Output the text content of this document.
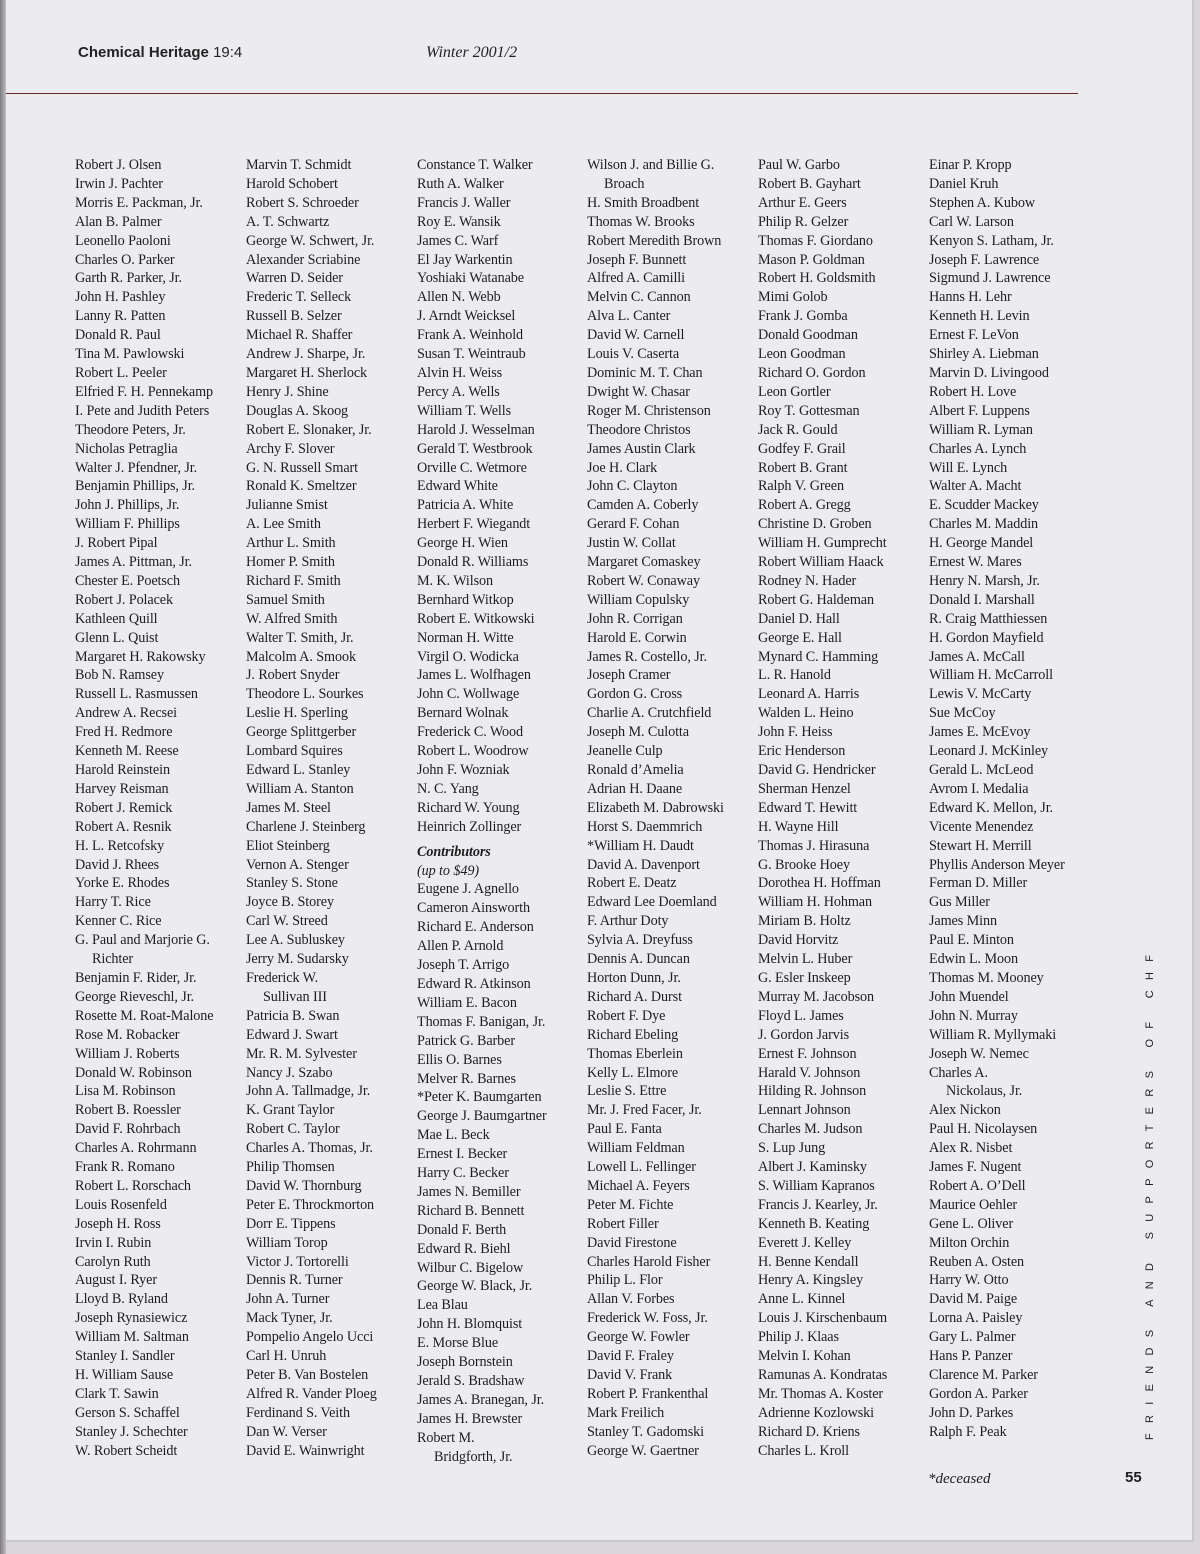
Chemical Heritage 19:4	Winter 2001/2
Robert J. Olsen
Irwin J. Pachter
Morris E. Packman, Jr.
Alan B. Palmer
Leonello Paoloni
Charles O. Parker
Garth R. Parker, Jr.
John H. Pashley
Lanny R. Patten
Donald R. Paul
Tina M. Pawlowski
Robert L. Peeler
Elfried F. H. Pennekamp
I. Pete and Judith Peters
Theodore Peters, Jr.
Nicholas Petraglia
Walter J. Pfendner, Jr.
Benjamin Phillips, Jr.
John J. Phillips, Jr.
William F. Phillips
J. Robert Pipal
James A. Pittman, Jr.
Chester E. Poetsch
Robert J. Polacek
Kathleen Quill
Glenn L. Quist
Margaret H. Rakowsky
Bob N. Ramsey
Russell L. Rasmussen
Andrew A. Recsei
Fred H. Redmore
Kenneth M. Reese
Harold Reinstein
Harvey Reisman
Robert J. Remick
Robert A. Resnik
H. L. Retcofsky
David J. Rhees
Yorke E. Rhodes
Harry T. Rice
Kenner C. Rice
G. Paul and Marjorie G.
Richter
Benjamin F. Rider, Jr.
George Rieveschl, Jr.
Rosette M. Roat-Malone
Rose M. Robacker
William J. Roberts
Donald W. Robinson
Lisa M. Robinson
Robert B. Roessler
David F. Rohrbach
Charles A. Rohrmann
Frank R. Romano
Robert L. Rorschach
Louis Rosenfeld
Joseph H. Ross
Irvin I. Rubin
Carolyn Ruth
August I. Ryer
Lloyd B. Ryland
Joseph Rynasiewicz
William M. Saltman
Stanley I. Sandler
H. William Sause
Clark T. Sawin
Gerson S. Schaffel
Stanley J. Schechter
W. Robert Scheidt
Marvin T. Schmidt
Harold Schobert
Robert S. Schroeder
A. T. Schwartz
George W. Schwert, Jr.
Alexander Scriabine
Warren D. Seider
Frederic T. Selleck
Russell B. Selzer
Michael R. Shaffer
Andrew J. Sharpe, Jr.
Margaret H. Sherlock
Henry J. Shine
Douglas A. Skoog
Robert E. Slonaker, Jr.
Archy F. Slover
G. N. Russell Smart
Ronald K. Smeltzer
Julianne Smist
A. Lee Smith
Arthur L. Smith
Homer P. Smith
Richard F. Smith
Samuel Smith
W. Alfred Smith
Walter T. Smith, Jr.
Malcolm A. Smook
J. Robert Snyder
Theodore L. Sourkes
Leslie H. Sperling
George Splittgerber
Lombard Squires
Edward L. Stanley
William A. Stanton
James M. Steel
Charlene J. Steinberg
Eliot Steinberg
Vernon A. Stenger
Stanley S. Stone
Joyce B. Storey
Carl W. Streed
Lee A. Subluskey
Jerry M. Sudarsky
Frederick W.
Sullivan III
Patricia B. Swan
Edward J. Swart
Mr. R. M. Sylvester
Nancy J. Szabo
John A. Tallmadge, Jr.
K. Grant Taylor
Robert C. Taylor
Charles A. Thomas, Jr.
Philip Thomsen
David W. Thornburg
Peter E. Throckmorton
Dorr E. Tippens
William Torop
Victor J. Tortorelli
Dennis R. Turner
John A. Turner
Mack Tyner, Jr.
Pompelio Angelo Ucci
Carl H. Unruh
Peter B. Van Bostelen
Alfred R. Vander Ploeg
Ferdinand S. Veith
Dan W. Verser
David E. Wainwright
Constance T. Walker
Ruth A. Walker
Francis J. Waller
Roy E. Wansik
James C. Warf
El Jay Warkentin
Yoshiaki Watanabe
Allen N. Webb
J. Arndt Weicksel
Frank A. Weinhold
Susan T. Weintraub
Alvin H. Weiss
Percy A. Wells
William T. Wells
Harold J. Wesselman
Gerald T. Westbrook
Orville C. Wetmore
Edward White
Patricia A. White
Herbert F. Wiegandt
George H. Wien
Donald R. Williams
M. K. Wilson
Bernhard Witkop
Robert E. Witkowski
Norman H. Witte
Virgil O. Wodicka
James L. Wolfhagen
John C. Wollwage
Bernard Wolnak
Frederick C. Wood
Robert L. Woodrow
John F. Wozniak
N. C. Yang
Richard W. Young
Heinrich Zollinger
Contributors
(up to $49)
Eugene J. Agnello
Cameron Ainsworth
Richard E. Anderson
Allen P. Arnold
Joseph T. Arrigo
Edward R. Atkinson
William E. Bacon
Thomas F. Banigan, Jr.
Patrick G. Barber
Ellis O. Barnes
Melver R. Barnes
*Peter K. Baumgarten
George J. Baumgartner
Mae L. Beck
Ernest I. Becker
Harry C. Becker
James N. Bemiller
Richard B. Bennett
Donald F. Berth
Edward R. Biehl
Wilbur C. Bigelow
George W. Black, Jr.
Lea Blau
John H. Blomquist
E. Morse Blue
Joseph Bornstein
Jerald S. Bradshaw
James A. Branegan, Jr.
James H. Brewster
Robert M.
Bridgforth, Jr.
Wilson J. and Billie G.
Broach
H. Smith Broadbent
Thomas W. Brooks
Robert Meredith Brown
Joseph F. Bunnett
Alfred A. Camilli
Melvin C. Cannon
Alva L. Canter
David W. Carnell
Louis V. Caserta
Dominic M. T. Chan
Dwight W. Chasar
Roger M. Christenson
Theodore Christos
James Austin Clark
Joe H. Clark
John C. Clayton
Camden A. Coberly
Gerard F. Cohan
Justin W. Collat
Margaret Comaskey
Robert W. Conaway
William Copulsky
John R. Corrigan
Harold E. Corwin
James R. Costello, Jr.
Joseph Cramer
Gordon G. Cross
Charlie A. Crutchfield
Joseph M. Culotta
Jeanelle Culp
Ronald d’Amelia
Adrian H. Daane
Elizabeth M. Dabrowski
Horst S. Daemmrich
*William H. Daudt
David A. Davenport
Robert E. Deatz
Edward Lee Doemland
F. Arthur Doty
Sylvia A. Dreyfuss
Dennis A. Duncan
Horton Dunn, Jr.
Richard A. Durst
Robert F. Dye
Richard Ebeling
Thomas Eberlein
Kelly L. Elmore
Leslie S. Ettre
Mr. J. Fred Facer, Jr.
Paul E. Fanta
William Feldman
Lowell L. Fellinger
Michael A. Feyers
Peter M. Fichte
Robert Filler
David Firestone
Charles Harold Fisher
Philip L. Flor
Allan V. Forbes
Frederick W. Foss, Jr.
George W. Fowler
David F. Fraley
David V. Frank
Robert P. Frankenthal
Mark Freilich
Stanley T. Gadomski
George W. Gaertner
Paul W. Garbo
Robert B. Gayhart
Arthur E. Geers
Philip R. Gelzer
Thomas F. Giordano
Mason P. Goldman
Robert H. Goldsmith
Mimi Golob
Frank J. Gomba
Donald Goodman
Leon Goodman
Richard O. Gordon
Leon Gortler
Roy T. Gottesman
Jack R. Gould
Godfey F. Grail
Robert B. Grant
Ralph V. Green
Robert A. Gregg
Christine D. Groben
William H. Gumprecht
Robert William Haack
Rodney N. Hader
Robert G. Haldeman
Daniel D. Hall
George E. Hall
Mynard C. Hamming
L. R. Hanold
Leonard A. Harris
Walden L. Heino
John F. Heiss
Eric Henderson
David G. Hendricker
Sherman Henzel
Edward T. Hewitt
H. Wayne Hill
Thomas J. Hirasuna
G. Brooke Hoey
Dorothea H. Hoffman
William H. Hohman
Miriam B. Holtz
David Horvitz
Melvin L. Huber
G. Esler Inskeep
Murray M. Jacobson
Floyd L. James
J. Gordon Jarvis
Ernest F. Johnson
Harald V. Johnson
Hilding R. Johnson
Lennart Johnson
Charles M. Judson
S. Lup Jung
Albert J. Kaminsky
S. William Kapranos
Francis J. Kearley, Jr.
Kenneth B. Keating
Everett J. Kelley
H. Benne Kendall
Henry A. Kingsley
Anne L. Kinnel
Louis J. Kirschenbaum
Philip J. Klaas
Melvin I. Kohan
Ramunas A. Kondratas
Mr. Thomas A. Koster
Adrienne Kozlowski
Richard D. Kriens
Charles L. Kroll
Einar P. Kropp
Daniel Kruh
Stephen A. Kubow
Carl W. Larson
Kenyon S. Latham, Jr.
Joseph F. Lawrence
Sigmund J. Lawrence
Hanns H. Lehr
Kenneth H. Levin
Ernest F. LeVon
Shirley A. Liebman
Marvin D. Livingood
Robert H. Love
Albert F. Luppens
William R. Lyman
Charles A. Lynch
Will E. Lynch
Walter A. Macht
E. Scudder Mackey
Charles M. Maddin
H. George Mandel
Ernest W. Mares
Henry N. Marsh, Jr.
Donald I. Marshall
R. Craig Matthiessen
H. Gordon Mayfield
James A. McCall
William H. McCarroll
Lewis V. McCarty
Sue McCoy
James E. McEvoy
Leonard J. McKinley
Gerald L. McLeod
Avrom I. Medalia
Edward K. Mellon, Jr.
Vicente Menendez
Stewart H. Merrill
Phyllis Anderson Meyer
Ferman D. Miller
Gus Miller
James Minn
Paul E. Minton
Edwin L. Moon
Thomas M. Mooney
John Muendel
John N. Murray
William R. Myllymaki
Joseph W. Nemec
Charles A.
Nickolaus, Jr.
Alex Nickon
Paul H. Nicolaysen
Alex R. Nisbet
James F. Nugent
Robert A. O’Dell
Maurice Oehler
Gene L. Oliver
Milton Orchin
Reuben A. Osten
Harry W. Otto
David M. Paige
Lorna A. Paisley
Gary L. Palmer
Hans P. Panzer
Clarence M. Parker
Gordon A. Parker
John D. Parkes
Ralph F. Peak	FRIENDS AND SUPPORTERS OF CHF
*deceased	55
